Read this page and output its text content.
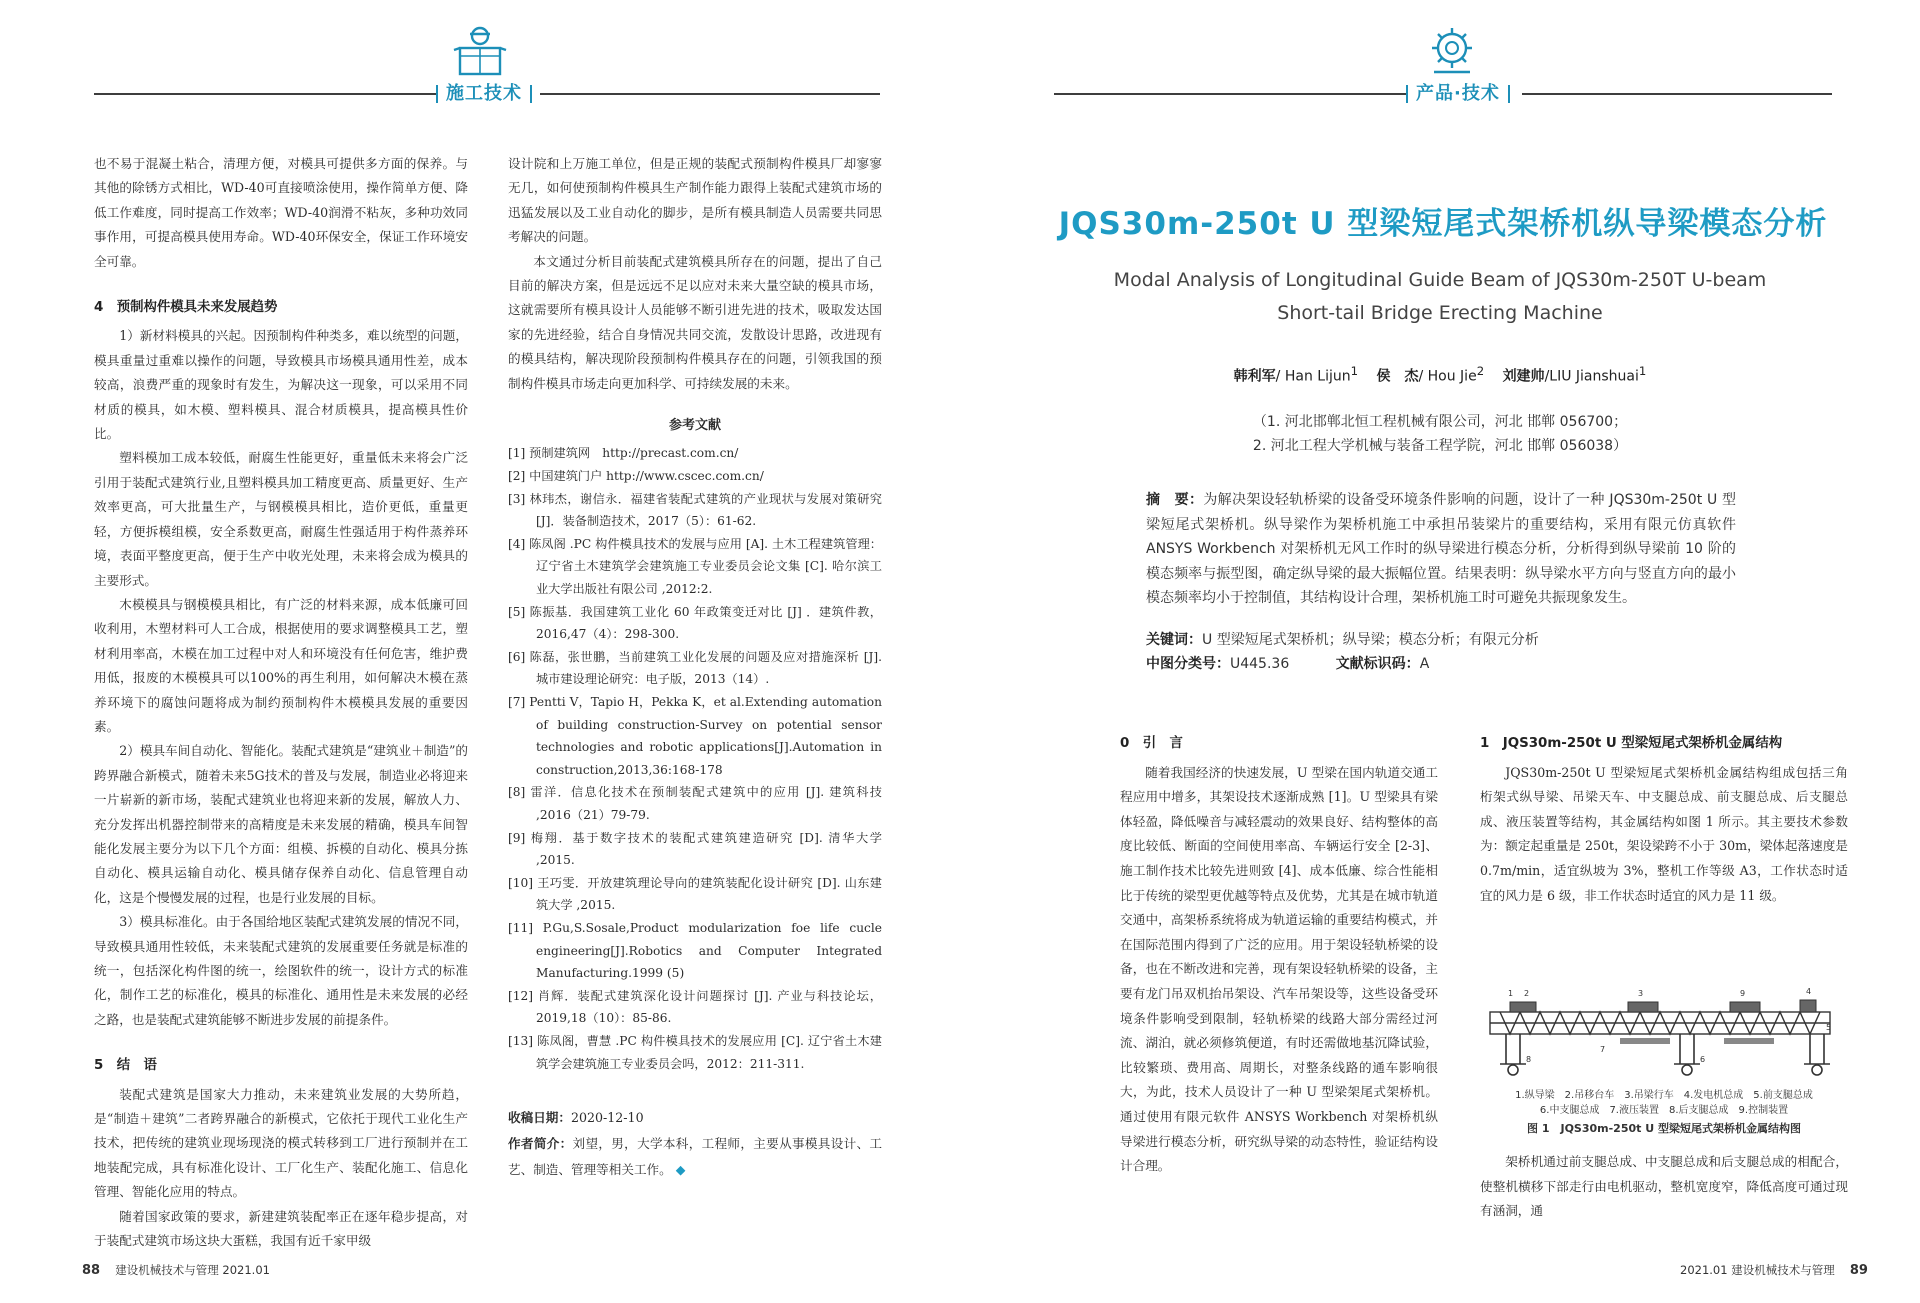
施工技术

也不易于混凝土粘合，清理方便，对模具可提供多方面的保养。与其他的除锈方式相比，WD-40可直接喷涂使用，操作简单方便、降低工作难度，同时提高工作效率；WD-40润滑不粘灰，多种功效同事作用，可提高模具使用寿命。WD-40环保安全，保证工作环境安全可靠。

4　预制构件模具未来发展趋势

1）新材料模具的兴起。因预制构件种类多，难以统型的问题，模具重量过重难以操作的问题，导致模具市场模具通用性差，成本较高，浪费严重的现象时有发生，为解决这一现象，可以采用不同材质的模具，如木模、塑料模具、混合材质模具，提高模具性价比。

塑料模加工成本较低，耐腐生性能更好，重量低未来将会广泛引用于装配式建筑行业,且塑料模具加工精度更高、质量更好、生产效率更高，可大批量生产，与钢模模具相比，造价更低，重量更轻，方便拆模组模，安全系数更高，耐腐生性强适用于构件蒸养环境，表面平整度更高，便于生产中收光处理，未来将会成为模具的主要形式。

木模模具与钢模模具相比，有广泛的材料来源，成本低廉可回收利用，木塑材料可人工合成，根据使用的要求调整模具工艺，塑材利用率高，木模在加工过程中对人和环境没有任何危害，维护费用低，报废的木模模具可以100%的再生利用，如何解决木模在蒸养环境下的腐蚀问题将成为制约预制构件木模模具发展的重要因素。

2）模具车间自动化、智能化。装配式建筑是“建筑业＋制造”的跨界融合新模式，随着未来5G技术的普及与发展，制造业必将迎来一片崭新的新市场，装配式建筑业也将迎来新的发展，解放人力、充分发挥出机器控制带来的高精度是未来发展的精确，模具车间智能化发展主要分为以下几个方面：组模、拆模的自动化、模具分拣自动化、模具运输自动化、模具储存保养自动化、信息管理自动化，这是个慢慢发展的过程，也是行业发展的目标。

3）模具标准化。由于各国给地区装配式建筑发展的情况不同，导致模具通用性较低，未来装配式建筑的发展重要任务就是标准的统一，包括深化构件图的统一，绘图软件的统一，设计方式的标准化，制作工艺的标准化，模具的标准化、通用性是未来发展的必经之路，也是装配式建筑能够不断进步发展的前提条件。

5　结　语

装配式建筑是国家大力推动，未来建筑业发展的大势所趋，是“制造＋建筑”二者跨界融合的新模式，它依托于现代工业化生产技术，把传统的建筑业现场现浇的模式转移到工厂进行预制并在工地装配完成，具有标准化设计、工厂化生产、装配化施工、信息化管理、智能化应用的特点。

随着国家政策的要求，新建建筑装配率正在逐年稳步提高，对于装配式建筑市场这块大蛋糕，我国有近千家甲级

设计院和上万施工单位，但是正规的装配式预制构件模具厂却寥寥无几，如何使预制构件模具生产制作能力跟得上装配式建筑市场的迅猛发展以及工业自动化的脚步，是所有模具制造人员需要共同思考解决的问题。

本文通过分析目前装配式建筑模具所存在的问题，提出了自己目前的解决方案，但是远远不足以应对未来大量空缺的模具市场，这就需要所有模具设计人员能够不断引进先进的技术，吸取发达国家的先进经验，结合自身情况共同交流，发散设计思路，改进现有的模具结构，解决现阶段预制构件模具存在的问题，引领我国的预制构件模具市场走向更加科学、可持续发展的未来。

参考文献
[1] 预制建筑网　http://precast.com.cn/
[2] 中国建筑门户 http://www.cscec.com.cn/
[3] 林玮杰，谢信永．福建省装配式建筑的产业现状与发展对策研究[J]．装备制造技术，2017（5）：61-62.
[4] 陈凤阁 .PC 构件模具技术的发展与应用 [A]. 土木工程建筑管理：辽宁省土木建筑学会建筑施工专业委员会论文集 [C]. 哈尔滨工业大学出版社有限公司 ,2012:2.
[5] 陈振基．我国建筑工业化 60 年政策变迁对比 [J] ．建筑件教，2016,47（4）：298-300.
[6] 陈磊，张世鹏，当前建筑工业化发展的问题及应对措施深析 [J]. 城市建设理论研究：电子版，2013（14）.
[7] Pentti V，Tapio H，Pekka K，et al.Extending automation of building construction-Survey on potential sensor technologies and robotic applications[J].Automation in construction,2013,36:168-178
[8] 雷洋．信息化技术在预制装配式建筑中的应用 [J]. 建筑科技 ,2016（21）79-79.
[9] 梅翔．基于数字技术的装配式建筑建造研究 [D]. 清华大学 ,2015.
[10] 王巧雯．开放建筑理论导向的建筑装配化设计研究 [D]. 山东建筑大学 ,2015.
[11] P.Gu,S.Sosale,Product modularization foe life cucle engineering[J].Robotics and Computer Integrated Manufacturing.1999 (5)
[12] 肖辉．装配式建筑深化设计问题探讨 [J]. 产业与科技论坛，2019,18（10）：85-86.
[13] 陈凤阁，曹慧 .PC 构件模具技术的发展应用 [C]. 辽宁省土木建筑学会建筑施工专业委员会吗，2012：211-311.
收稿日期：2020-12-10
作者简介：刘望，男，大学本科，工程师，主要从事模具设计、工艺、制造、管理等相关工作。 ◆
88　 建设机械技术与管理 2021.01
产品·技术
JQS30m-250t U 型梁短尾式架桥机纵导梁模态分析
Modal Analysis of Longitudinal Guide Beam of JQS30m-250T U-beam
Short-tail Bridge Erecting Machine
韩利军/ Han Lijun$^1$　 侯　杰/ Hou Jie$^2$　 刘建帅/LIU Jianshuai$^1$
（1. 河北邯郸北恒工程机械有限公司，河北 邯郸 056700；
2. 河北工程大学机械与装备工程学院，河北 邯郸 056038）
摘　要：为解决架设轻轨桥梁的设备受环境条件影响的问题，设计了一种 JQS30m-250t U 型梁短尾式架桥机。纵导梁作为架桥机施工中承担吊装梁片的重要结构，采用有限元仿真软件 ANSYS Workbench 对架桥机无风工作时的纵导梁进行模态分析，分析得到纵导梁前 10 阶的模态频率与振型图，确定纵导梁的最大振幅位置。结果表明：纵导梁水平方向与竖直方向的最小模态频率均小于控制值，其结构设计合理，架桥机施工时可避免共振现象发生。
关键词：U 型梁短尾式架桥机；纵导梁；模态分析；有限元分析
中图分类号：U445.36　　　	文献标识码：A
0　引　言

随着我国经济的快速发展，U 型梁在国内轨道交通工程应用中增多，其架设技术逐渐成熟 [1]。U 型梁具有梁体轻盈，降低噪音与减轻震动的效果良好、结构整体的高度比较低、断面的空间使用率高、车辆运行安全 [2-3]、施工制作技术比较先进则致 [4]、成本低廉、综合性能相比于传统的梁型更优越等特点及优势，尤其是在城市轨道交通中，高架桥系统将成为轨道运输的重要结构模式，并在国际范围内得到了广泛的应用。用于架设轻轨桥梁的设备，也在不断改进和完善，现有架设轻轨桥梁的设备，主要有龙门吊双机抬吊架设、汽车吊架设等，这些设备受环境条件影响受到限制，轻轨桥梁的线路大部分需经过河流、湖泊，就必须修筑便道，有时还需做地基沉降试验，比较繁琐、费用高、周期长，对整条线路的通车影响很大，为此，技术人员设计了一种 U 型梁架尾式架桥机。通过使用有限元软件 ANSYS Workbench 对架桥机纵导梁进行模态分析，研究纵导梁的动态特性，验证结构设计合理。

1　JQS30m-250t U 型梁短尾式架桥机金属结构

JQS30m-250t U 型梁短尾式架桥机金属结构组成包括三角桁架式纵导梁、吊梁天车、中支腿总成、前支腿总成、后支腿总成、液压装置等结构，其金属结构如图 1 所示。其主要技术参数为：额定起重量是 250t，架设梁跨不小于 30m，梁体起落速度是 0.7m/min，适宜纵坡为 3%，整机工作等级 A3，工作状态时适宜的风力是 6 级，非工作状态时适宜的风力是 11 级。

1 2	3	4
5
6
7
8
9
1.纵导梁　2.吊移台车　3.吊梁行车　4.发电机总成　5.前支腿总成
6.中支腿总成　7.液压装置　8.后支腿总成　9.控制装置
图 1　JQS30m-250t U 型梁短尾式架桥机金属结构图

架桥机通过前支腿总成、中支腿总成和后支腿总成的相配合，使整机横移下部走行由电机驱动，整机宽度窄，降低高度可通过现有涵洞，通

2021.01 建设机械技术与管理　 89
